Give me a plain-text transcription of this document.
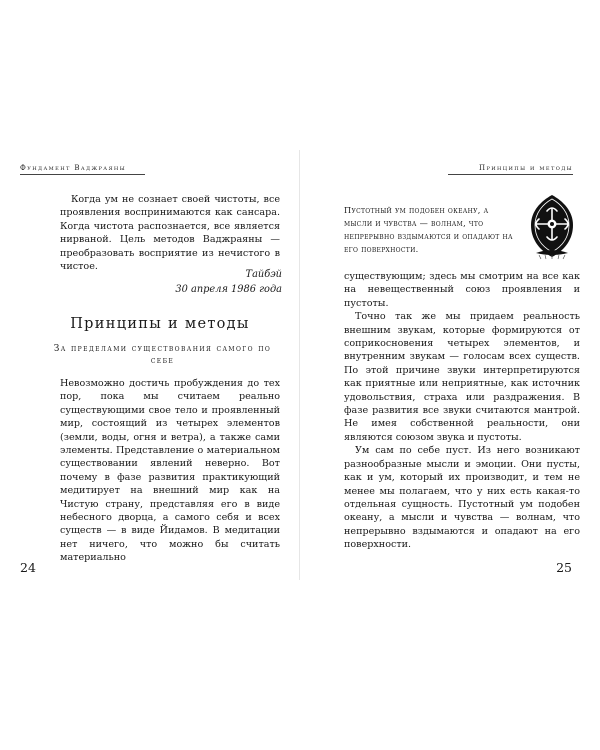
Фундамент Ваджраяны

Когда ум не сознает своей чистоты, все проявления воспринимаются как сансара. Когда чистота распознается, все является нирваной. Цель методов Ваджраяны — преобразовать восприятие из нечистого в чистое.

Тайбэй
30 апреля 1986 года
Принципы и методы
За пределами существования самого по себе

Невозможно достичь пробуждения до тех пор, пока мы считаем реально существующими свое тело и проявленный мир, состоящий из четырех элементов (земли, воды, огня и ветра), а также сами элементы. Представление о материальном существовании явлений неверно. Вот почему в фазе развития практикующий медитирует на внешний мир как на Чистую страну, представляя его в виде небесного дворца, а самого себя и всех существ — в виде Йидамов. В медитации нет ничего, что можно бы считать материально

24
Принципы и методы
Пустотный ум подобен океану, а мысли и чувства — волнам, что непрерывно вздымаются и опадают на его поверхности.

существующим; здесь мы смотрим на все как на невещественный союз проявления и пустоты.

Точно так же мы придаем реальность внешним звукам, которые формируются от соприкосновения четырех элементов, и внутренним звукам — голосам всех существ. По этой причине звуки интерпретируются как приятные или неприятные, как источник удовольствия, страха или раздражения. В фазе развития все звуки считаются мантрой. Не имея собственной реальности, они являются союзом звука и пустоты.

Ум сам по себе пуст. Из него возникают разнообразные мысли и эмоции. Они пусты, как и ум, который их производит, и тем не менее мы полагаем, что у них есть какая-то отдельная сущность. Пустотный ум подобен океану, а мысли и чувства — волнам, что непрерывно вздымаются и опадают на его поверхности.

25
